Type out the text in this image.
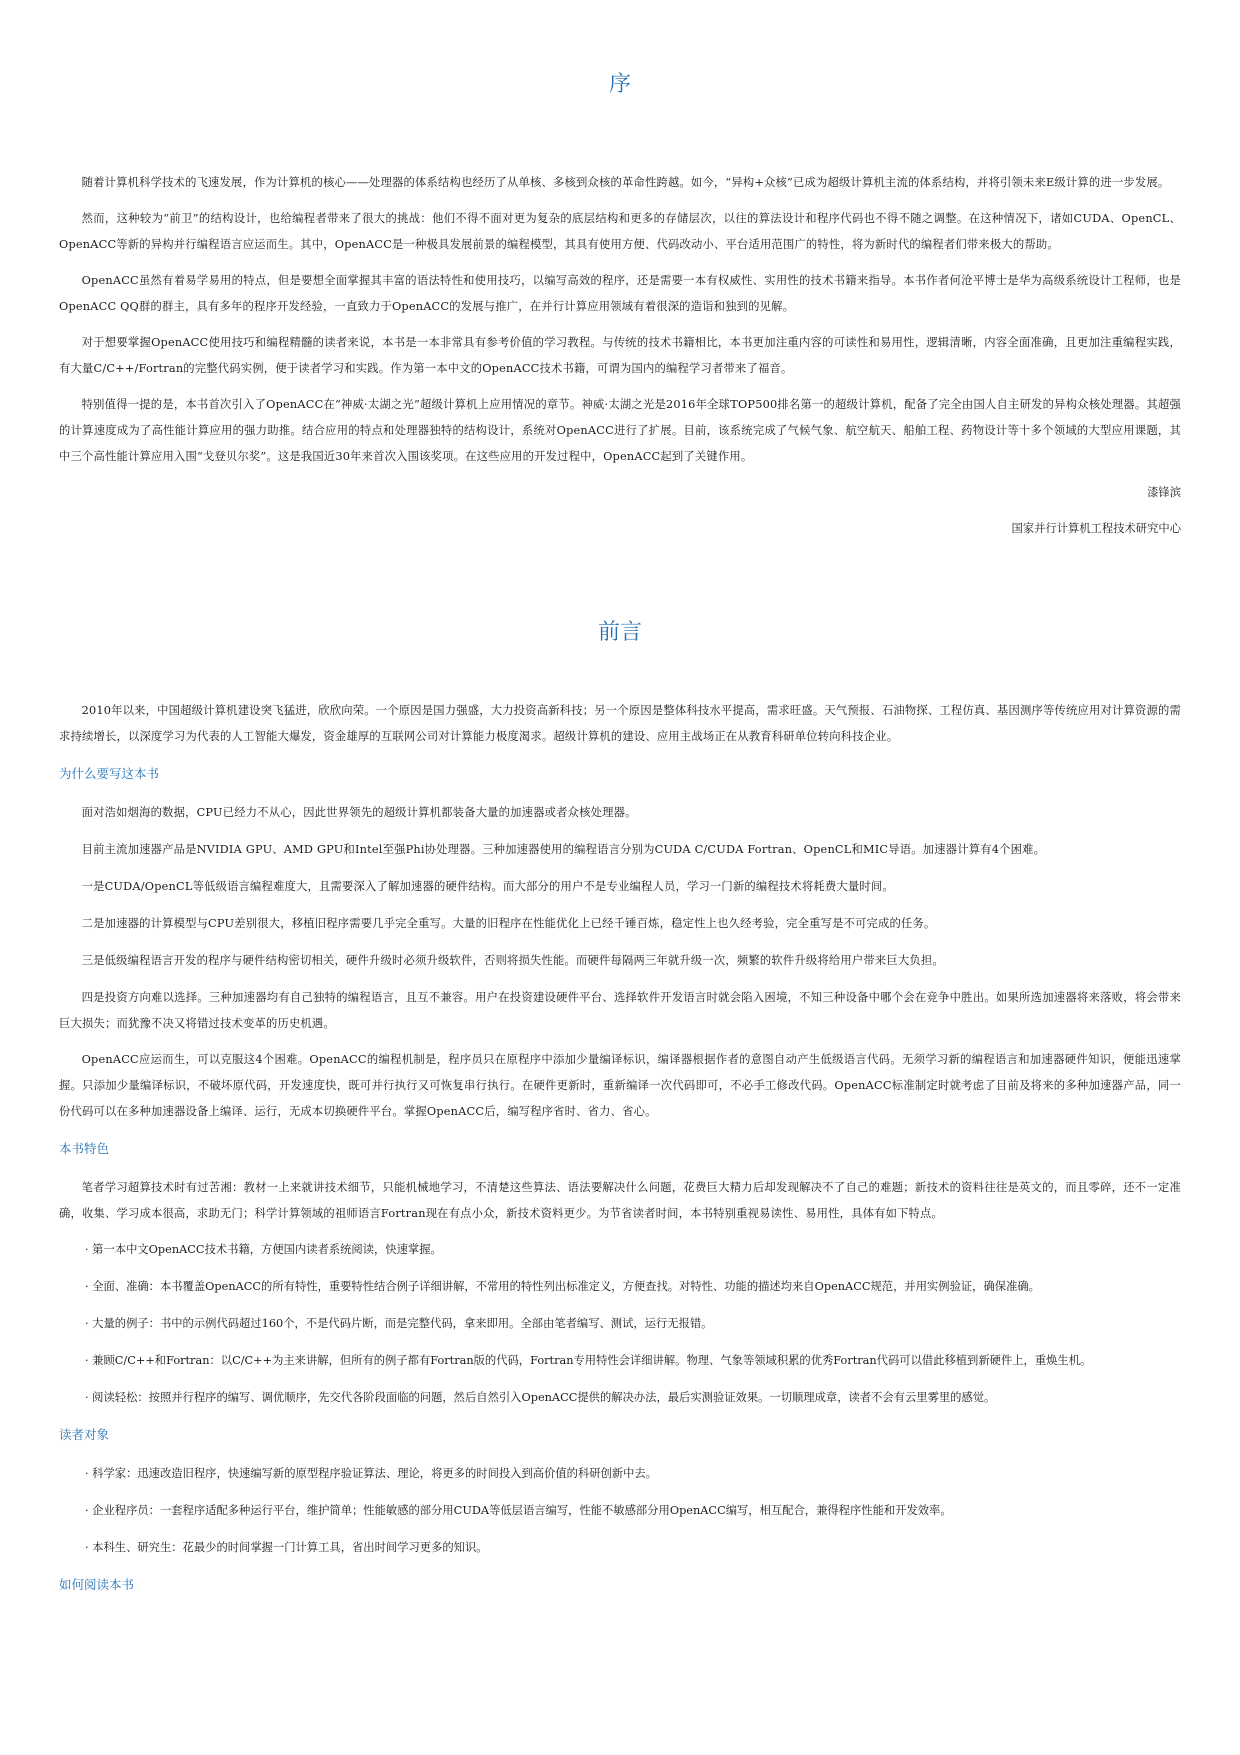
序

随着计算机科学技术的飞速发展，作为计算机的核心——处理器的体系结构也经历了从单核、多核到众核的革命性跨越。如今，“异构+众核”已成为超级计算机主流的体系结构，并将引领未来E级计算的进一步发展。

然而，这种较为“前卫”的结构设计，也给编程者带来了很大的挑战：他们不得不面对更为复杂的底层结构和更多的存储层次，以往的算法设计和程序代码也不得不随之调整。在这种情况下，诸如CUDA、OpenCL、OpenACC等新的异构并行编程语言应运而生。其中，OpenACC是一种极具发展前景的编程模型，其具有使用方便、代码改动小、平台适用范围广的特性，将为新时代的编程者们带来极大的帮助。

OpenACC虽然有着易学易用的特点，但是要想全面掌握其丰富的语法特性和使用技巧，以编写高效的程序，还是需要一本有权威性、实用性的技术书籍来指导。本书作者何沧平博士是华为高级系统设计工程师，也是OpenACC QQ群的群主，具有多年的程序开发经验，一直致力于OpenACC的发展与推广，在并行计算应用领域有着很深的造诣和独到的见解。

对于想要掌握OpenACC使用技巧和编程精髓的读者来说，本书是一本非常具有参考价值的学习教程。与传统的技术书籍相比，本书更加注重内容的可读性和易用性，逻辑清晰，内容全面准确，且更加注重编程实践，有大量C/C++/Fortran的完整代码实例，便于读者学习和实践。作为第一本中文的OpenACC技术书籍，可谓为国内的编程学习者带来了福音。

特别值得一提的是，本书首次引入了OpenACC在“神威·太湖之光”超级计算机上应用情况的章节。神威·太湖之光是2016年全球TOP500排名第一的超级计算机，配备了完全由国人自主研发的异构众核处理器。其超强的计算速度成为了高性能计算应用的强力助推。结合应用的特点和处理器独特的结构设计，系统对OpenACC进行了扩展。目前，该系统完成了气候气象、航空航天、船舶工程、药物设计等十多个领域的大型应用课题，其中三个高性能计算应用入围“戈登贝尔奖”。这是我国近30年来首次入围该奖项。在这些应用的开发过程中，OpenACC起到了关键作用。

漆锋滨
国家并行计算机工程技术研究中心
前言

2010年以来，中国超级计算机建设突飞猛进，欣欣向荣。一个原因是国力强盛，大力投资高新科技；另一个原因是整体科技水平提高，需求旺盛。天气预报、石油物探、工程仿真、基因测序等传统应用对计算资源的需求持续增长，以深度学习为代表的人工智能大爆发，资金雄厚的互联网公司对计算能力极度渴求。超级计算机的建设、应用主战场正在从教育科研单位转向科技企业。

为什么要写这本书

面对浩如烟海的数据，CPU已经力不从心，因此世界领先的超级计算机都装备大量的加速器或者众核处理器。

目前主流加速器产品是NVIDIA GPU、AMD GPU和Intel至强Phi协处理器。三种加速器使用的编程语言分别为CUDA C/CUDA Fortran、OpenCL和MIC导语。加速器计算有4个困难。

一是CUDA/OpenCL等低级语言编程难度大，且需要深入了解加速器的硬件结构。而大部分的用户不是专业编程人员，学习一门新的编程技术将耗费大量时间。

二是加速器的计算模型与CPU差别很大，移植旧程序需要几乎完全重写。大量的旧程序在性能优化上已经千锤百炼，稳定性上也久经考验，完全重写是不可完成的任务。

三是低级编程语言开发的程序与硬件结构密切相关，硬件升级时必须升级软件，否则将损失性能。而硬件每隔两三年就升级一次，频繁的软件升级将给用户带来巨大负担。

四是投资方向难以选择。三种加速器均有自己独特的编程语言，且互不兼容。用户在投资建设硬件平台、选择软件开发语言时就会陷入困境，不知三种设备中哪个会在竞争中胜出。如果所选加速器将来落败，将会带来巨大损失；而犹豫不决又将错过技术变革的历史机遇。

OpenACC应运而生，可以克服这4个困难。OpenACC的编程机制是，程序员只在原程序中添加少量编译标识，编译器根据作者的意图自动产生低级语言代码。无须学习新的编程语言和加速器硬件知识，便能迅速掌握。只添加少量编译标识，不破坏原代码，开发速度快，既可并行执行又可恢复串行执行。在硬件更新时，重新编译一次代码即可，不必手工修改代码。OpenACC标准制定时就考虑了目前及将来的多种加速器产品，同一份代码可以在多种加速器设备上编译、运行，无成本切换硬件平台。掌握OpenACC后，编写程序省时、省力、省心。

本书特色

笔者学习超算技术时有过苦湘：教材一上来就讲技术细节，只能机械地学习，不清楚这些算法、语法要解决什么问题，花费巨大精力后却发现解决不了自己的难题；新技术的资料往往是英文的，而且零碎，还不一定准确，收集、学习成本很高，求助无门；科学计算领域的祖师语言Fortran现在有点小众，新技术资料更少。为节省读者时间，本书特别重视易读性、易用性，具体有如下特点。

· 第一本中文OpenACC技术书籍，方便国内读者系统阅读，快速掌握。
· 全面、准确：本书覆盖OpenACC的所有特性，重要特性结合例子详细讲解，不常用的特性列出标准定义，方便查找。对特性、功能的描述均来自OpenACC规范，并用实例验证，确保准确。
· 大量的例子：书中的示例代码超过160个，不是代码片断，而是完整代码，拿来即用。全部由笔者编写、测试，运行无报错。
· 兼顾C/C++和Fortran：以C/C++为主来讲解，但所有的例子都有Fortran版的代码，Fortran专用特性会详细讲解。物理、气象等领域积累的优秀Fortran代码可以借此移植到新硬件上，重焕生机。
· 阅读轻松：按照并行程序的编写、调优顺序，先交代各阶段面临的问题，然后自然引入OpenACC提供的解决办法，最后实测验证效果。一切顺理成章，读者不会有云里雾里的感觉。
读者对象
· 科学家：迅速改造旧程序，快速编写新的原型程序验证算法、理论，将更多的时间投入到高价值的科研创新中去。
· 企业程序员：一套程序适配多种运行平台，维护简单；性能敏感的部分用CUDA等低层语言编写，性能不敏感部分用OpenACC编写，相互配合，兼得程序性能和开发效率。
· 本科生、研究生：花最少的时间掌握一门计算工具，省出时间学习更多的知识。
如何阅读本书
